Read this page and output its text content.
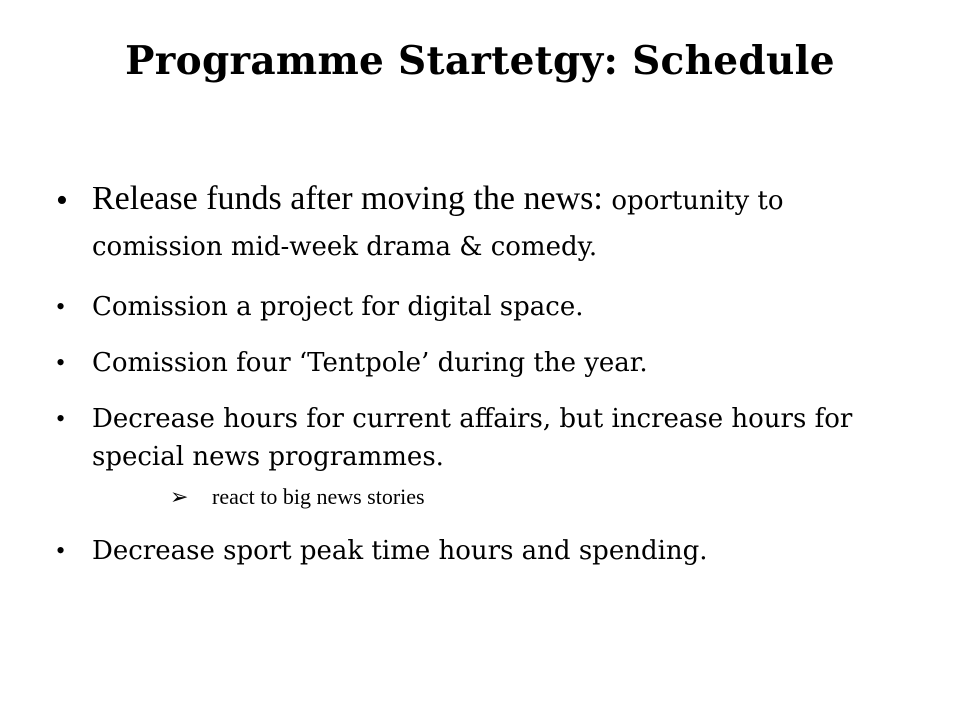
Programme Startetgy: Schedule
• Release funds after moving the news: oportunity to comission mid-week drama & comedy.
• Comission a project for digital space.
• Comission four ‘Tentpole’ during the year.
• Decrease hours for current affairs, but increase hours for special news programmes.
➢ react to big news stories
• Decrease sport peak time hours and spending.
